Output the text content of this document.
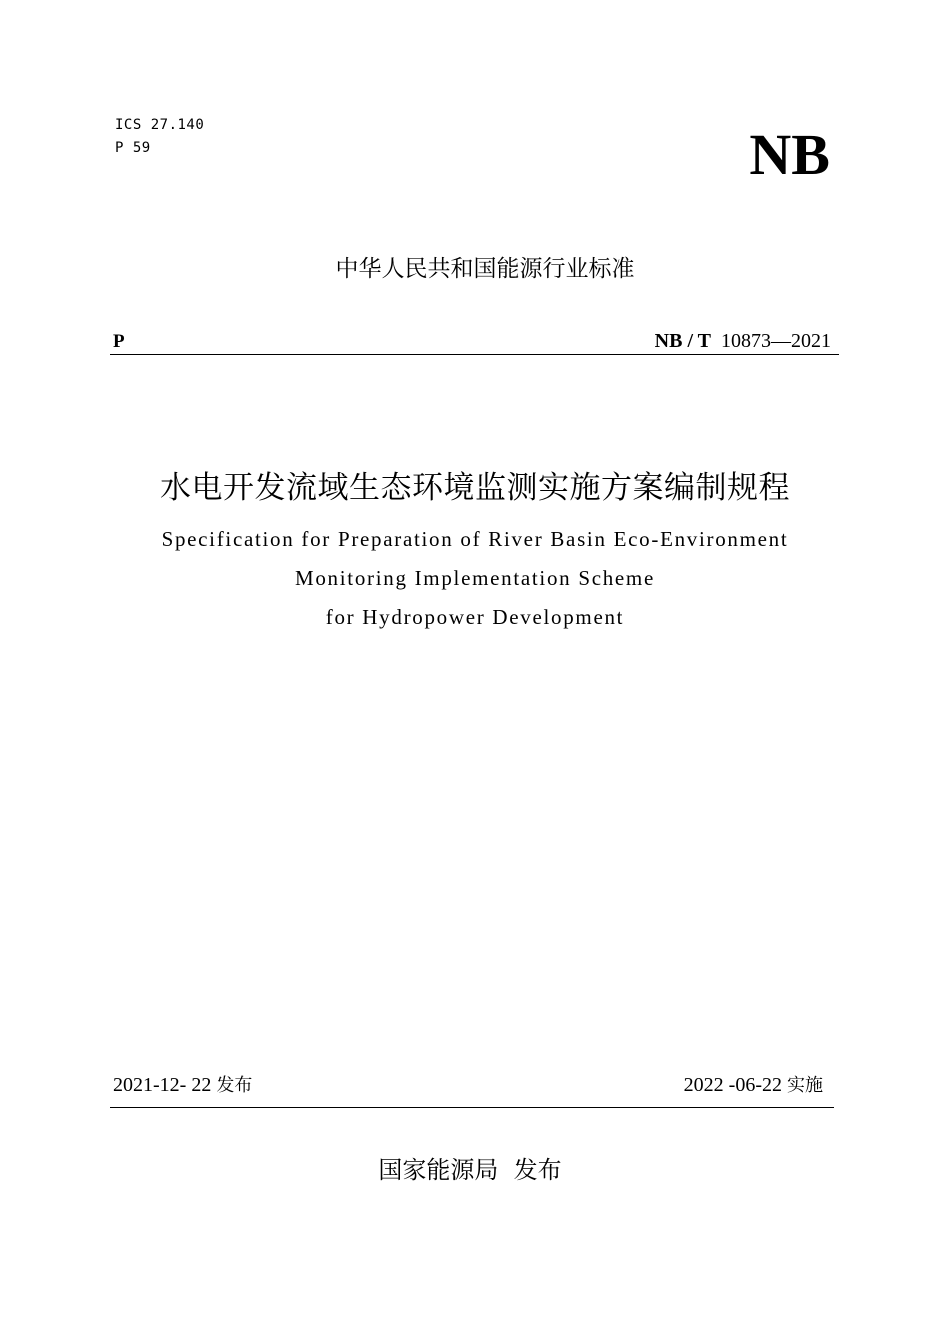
ICS 27.140
P 59	NB
中华人民共和国能源行业标准
P	NB / T 10873—2021
水电开发流域生态环境监测实施方案编制规程
Specification for Preparation of River Basin Eco-Environment
Monitoring Implementation Scheme
for Hydropower Development
2021-12- 22 发布	2022 -06-22 实施
国家能源局  发布
